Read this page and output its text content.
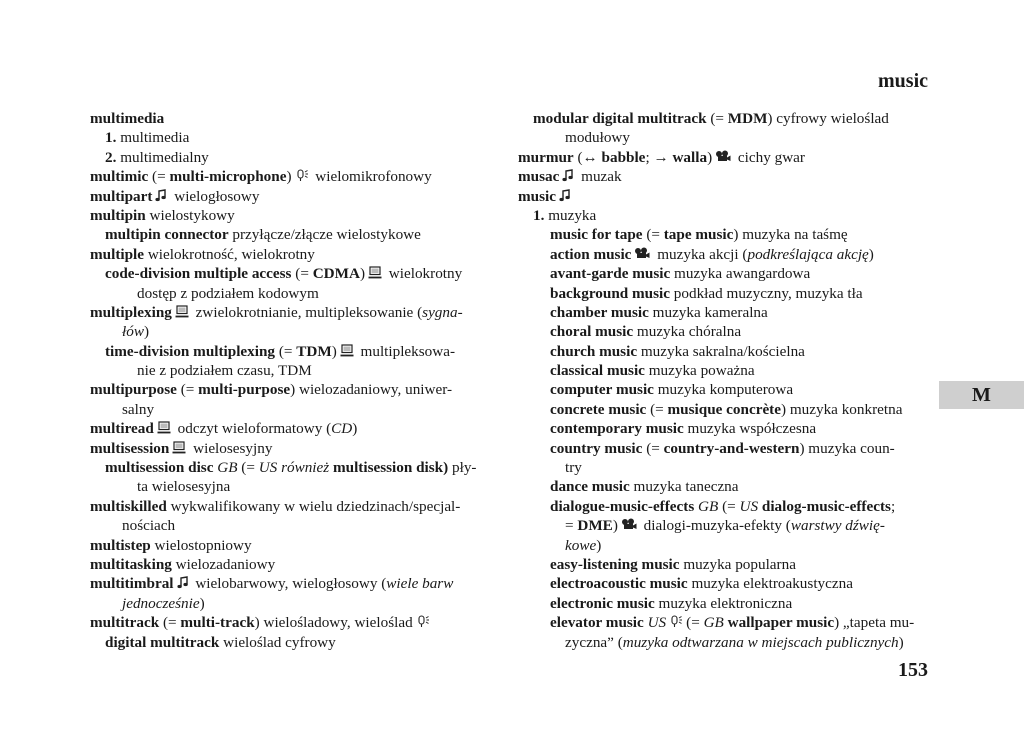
music
multimedia
1. multimedia
2. multimedialny
multimic (= multi-microphone)
wielomikrofonowy
multipart
wielogłosowy
multipin wielostykowy
multipin connector przyłącze/złącze wielostykowe
multiple wielokrotność, wielokrotny
code-division multiple access (= CDMA)
wielokrotny
dostęp z podziałem kodowym
multiplexing
zwielokrotnianie, multipleksowanie (sygna-
łów)
time-division multiplexing (= TDM)
multipleksowa-
nie z podziałem czasu, TDM
multipurpose (= multi-purpose) wielozadaniowy, uniwer-
salny
multiread
odczyt wieloformatowy (CD)
multisession
wielosesyjny
multisession disc GB (= US również multisession disk) pły-
ta wielosesyjna
multiskilled wykwalifikowany w wielu dziedzinach/specjal-
nościach
multistep wielostopniowy
multitasking wielozadaniowy
multitimbral
wielobarwowy, wielogłosowy (wiele barw
jednocześnie)
multitrack (= multi-track) wielośladowy, wieloślad
digital multitrack wieloślad cyfrowy
modular digital multitrack (= MDM) cyfrowy wieloślad
modułowy
murmur (↔ babble; → walla)
cichy gwar
musac
muzak
music
1. muzyka
music for tape (= tape music) muzyka na taśmę
action music
muzyka akcji (podkreślająca akcję)
avant-garde music muzyka awangardowa
background music podkład muzyczny, muzyka tła
chamber music muzyka kameralna
choral music muzyka chóralna
church music muzyka sakralna/kościelna
classical music muzyka poważna
computer music muzyka komputerowa
concrete music (= musique concrète) muzyka konkretna
contemporary music muzyka współczesna
country music (= country-and-western) muzyka coun-
try
dance music muzyka taneczna
dialogue-music-effects GB (= US dialog-music-effects;
= DME)
dialogi-muzyka-efekty (warstwy dźwię-
kowe)
easy-listening music muzyka popularna
electroacoustic music muzyka elektroakustyczna
electronic music muzyka elektroniczna
elevator music US (= GB wallpaper music) „tapeta mu-
zyczna” (muzyka odtwarzana w miejscach publicznych)
M
153
